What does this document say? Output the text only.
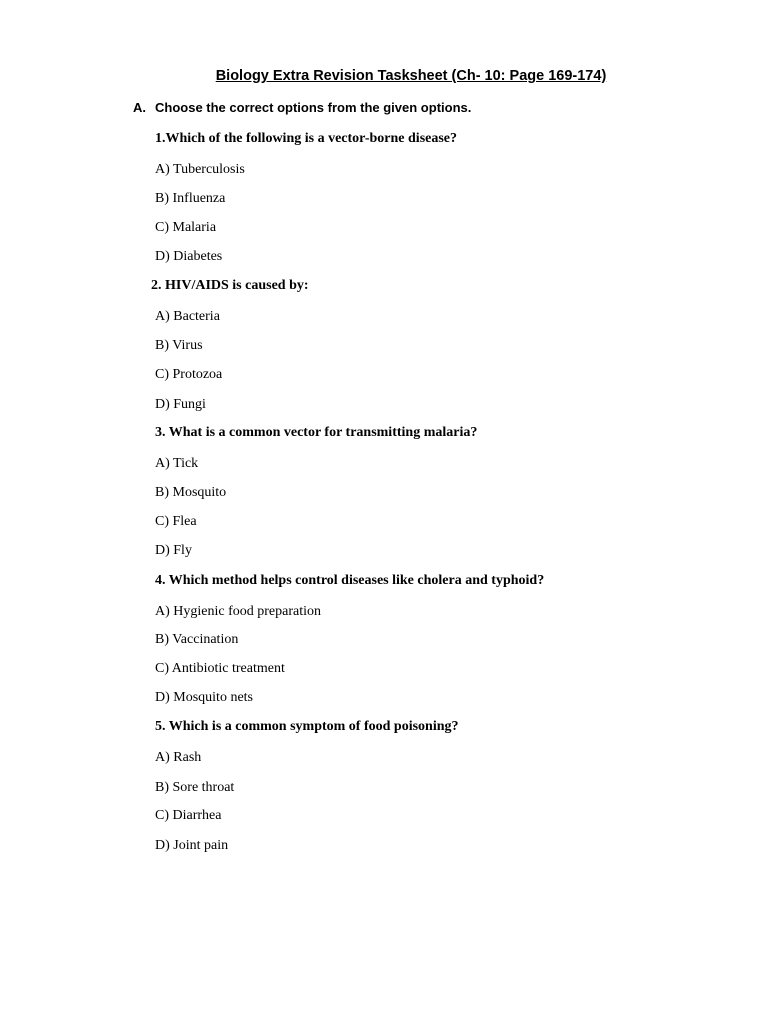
Biology Extra Revision Tasksheet (Ch- 10: Page 169-174)
A. Choose the correct options from the given options.
1.Which of the following is a vector-borne disease?
A) Tuberculosis
B) Influenza
C) Malaria
D) Diabetes
2. HIV/AIDS is caused by:
A) Bacteria
B) Virus
C) Protozoa
D) Fungi
3. What is a common vector for transmitting malaria?
A) Tick
B) Mosquito
C) Flea
D) Fly
4. Which method helps control diseases like cholera and typhoid?
A) Hygienic food preparation
B) Vaccination
C) Antibiotic treatment
D) Mosquito nets
5. Which is a common symptom of food poisoning?
A) Rash
B) Sore throat
C) Diarrhea
D) Joint pain
